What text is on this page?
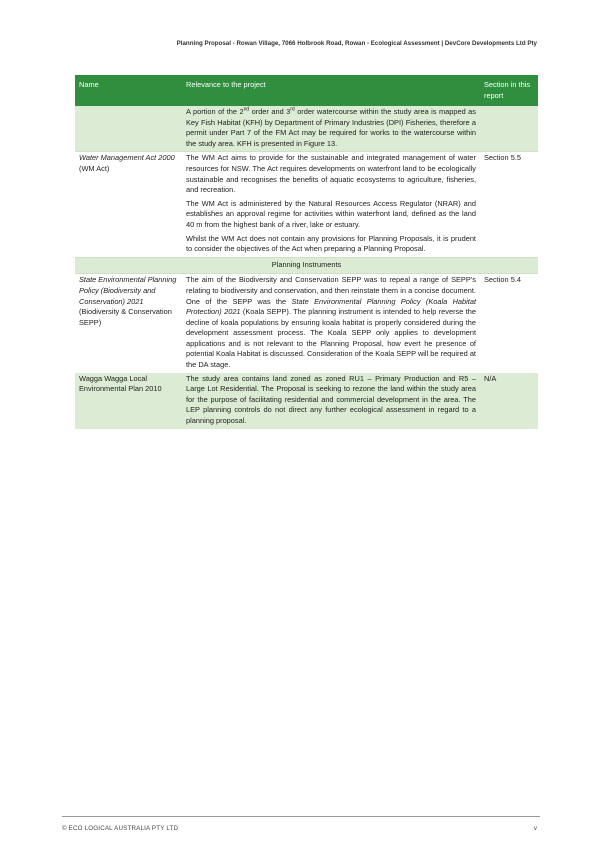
Planning Proposal - Rowan Village, 7066 Holbrook Road, Rowan - Ecological Assessment | DevCore Developments Ltd Pty
Name	Relevance to the project	Section in this report

	A portion of the 2nd order and 3rd order watercourse within the study area is mapped as Key Fish Habitat (KFH) by Department of Primary Industries (DPI) Fisheries, therefore a permit under Part 7 of the FM Act may be required for works to the watercourse within the study area. KFH is presented in Figure 13.	

Water Management Act 2000 (WM Act)	The WM Act aims to provide for the sustainable and integrated management of water resources for NSW. The Act requires developments on waterfront land to be ecologically sustainable and recognises the benefits of aquatic ecosystems to agriculture, fisheries, and recreation.

The WM Act is administered by the Natural Resources Access Regulator (NRAR) and establishes an approval regime for activities within waterfront land, defined as the land 40 m from the highest bank of a river, lake or estuary.

Whilst the WM Act does not contain any provisions for Planning Proposals, it is prudent to consider the objectives of the Act when preparing a Planning Proposal.	Section 5.5
Planning Instruments		
State Environmental Planning Policy (Biodiversity and Conservation) 2021 (Biodiversity & Conservation SEPP)	The aim of the Biodiversity and Conservation SEPP was to repeal a range of SEPP’s relating to biodiversity and conservation, and then reinstate them in a concise document. One of the SEPP was the State Environmental Planning Policy (Koala Habitat Protection) 2021 (Koala SEPP). The planning instrument is intended to help reverse the decline of koala populations by ensuring koala habitat is properly considered during the development assessment process. The Koala SEPP only applies to development applications and is not relevant to the Planning Proposal, how evert he presence of potential Koala Habitat is discussed. Consideration of the Koala SEPP will be required at the DA stage.	Section 5.4
Wagga Wagga Local Environmental Plan 2010	The study area contains land zoned as zoned RU1 – Primary Production and R5 – Large Lot Residential. The Proposal is seeking to rezone the land within the study area for the purpose of facilitating residential and commercial development in the area. The LEP planning controls do not direct any further ecological assessment in regard to a planning proposal.	N/A
© ECO LOGICAL AUSTRALIA PTY LTD	v
